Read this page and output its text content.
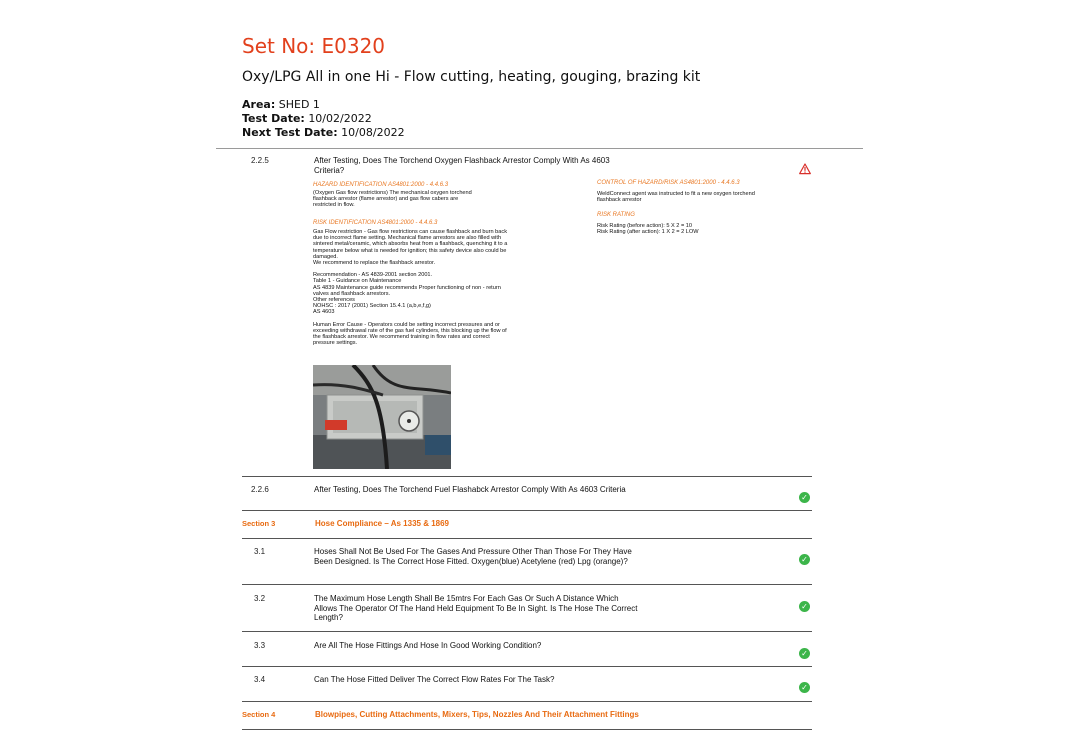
Set No: E0320
Oxy/LPG All in one Hi - Flow cutting, heating, gouging, brazing kit
Area: SHED 1
Test Date: 10/02/2022
Next Test Date: 10/08/2022
2.2.5	After Testing, Does The Torchend Oxygen Flashback Arrestor Comply With As 4603
Criteria?
HAZARD IDENTIFICATION AS4801:2000 - 4.4.6.3
(Oxygen Gas flow restrictions) The mechanical oxygen torchend
flashback arrestor (flame arrestor) and gas flow cabers are
restricted in flow.
RISK IDENTIFICATION AS4801:2000 - 4.4.6.3
Gas Flow restriction - Gas flow restrictions can cause flashback and burn back
due to incorrect flame setting. Mechanical flame arrestors are also filled with
sintered metal/ceramic, which absorbs heat from a flashback, quenching it to a
temperature below what is needed for ignition; this safety device also could be
damaged.
We recommend to replace the flashback arrestor.
Recommendation - AS 4839-2001 section 2001.
Table 1 - Guidance on Maintenance
AS 4839 Maintenance guide recommends Proper functioning of non - return
valves and flashback arrestors.
Other references
NOHSC : 2017 (2001) Section 15.4.1 (a,b,e,f,g)
AS 4603
Human Error Cause - Operators could be setting incorrect pressures and or
exceeding withdrawal rate of the gas fuel cylinders, this blocking up the flow of
the flashback arrestor. We recommend training in flow rates and correct
pressure settings.
CONTROL OF HAZARD/RISK AS4801:2000 - 4.4.6.3
WeldConnect agent was instructed to fit a new oxygen torchend
flashback arrestor
RISK RATING
Risk Rating (before action): 5 X 2 = 10
Risk Rating (after action): 1 X 2 = 2 LOW
2.2.6	After Testing, Does The Torchend Fuel Flashabck Arrestor Comply With As 4603 Criteria
✓
Section 3	Hose Compliance – As 1335 & 1869
3.1	Hoses Shall Not Be Used For The Gases And Pressure Other Than Those For They Have
Been Designed. Is The Correct Hose Fitted. Oxygen(blue) Acetylene (red) Lpg (orange)?	✓
3.2	The Maximum Hose Length Shall Be 15mtrs For Each Gas Or Such A Distance Which
Allows The Operator Of The Hand Held Equipment To Be In Sight. Is The Hose The Correct
Length?
✓
3.3	Are All The Hose Fittings And Hose In Good Working Condition?
✓
3.4	Can The Hose Fitted Deliver The Correct Flow Rates For The Task?
✓
Section 4	Blowpipes, Cutting Attachments, Mixers, Tips, Nozzles And Their Attachment Fittings
